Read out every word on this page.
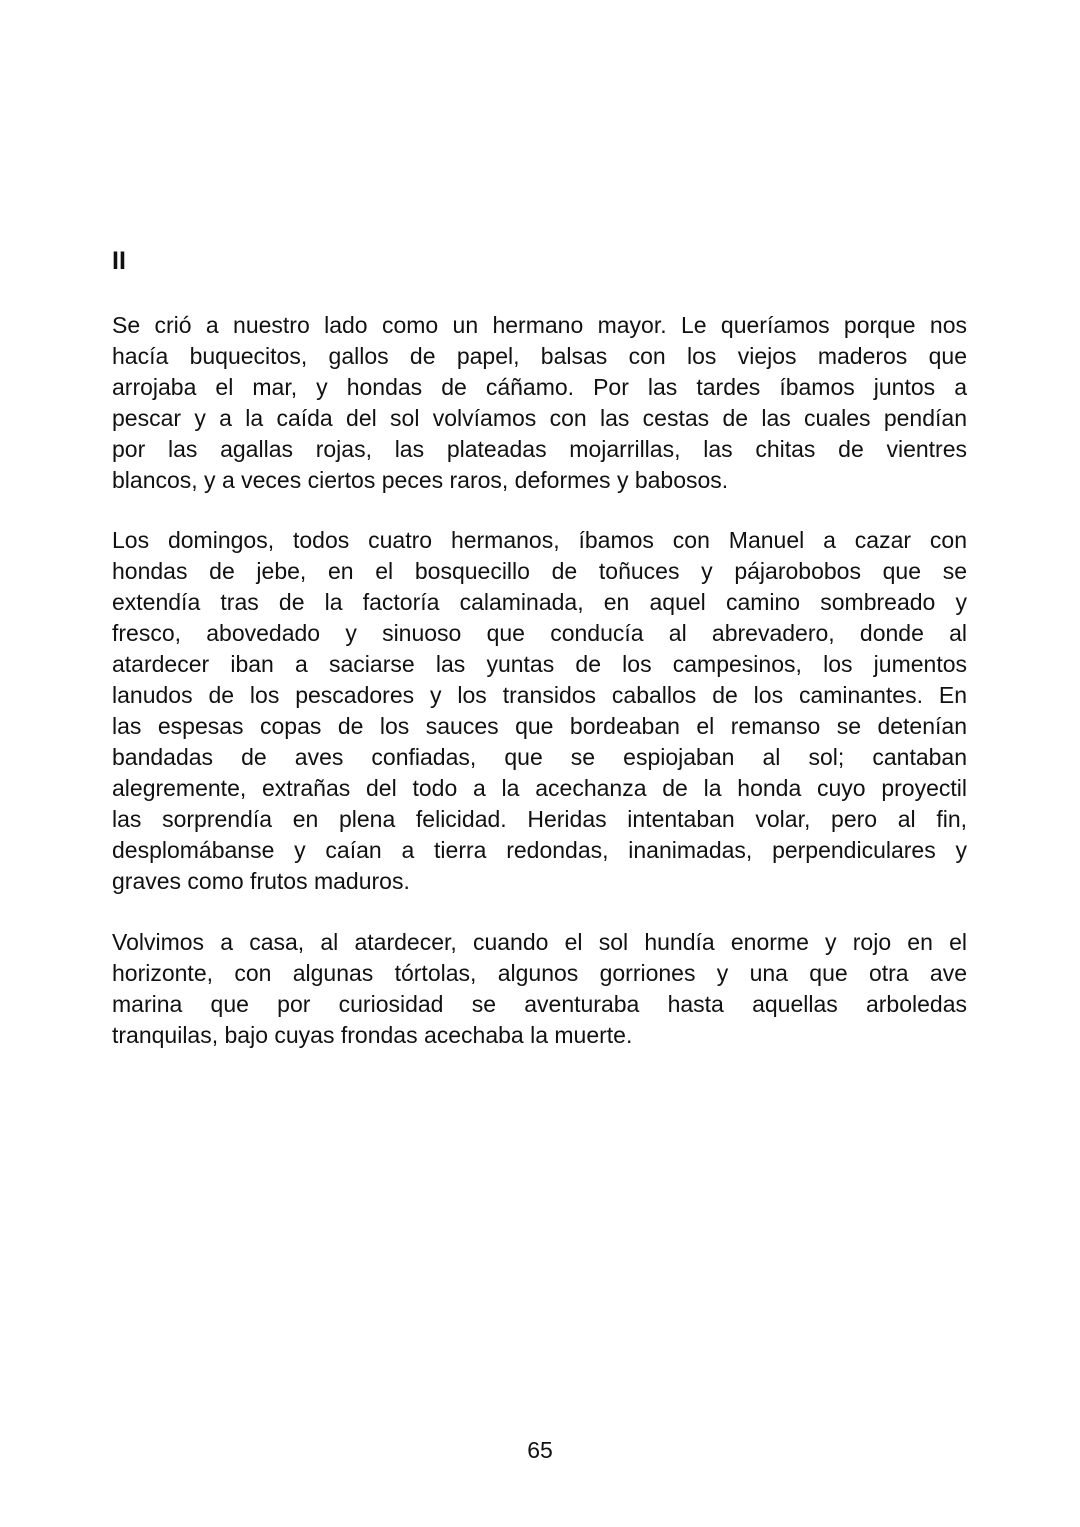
II
Se crió a nuestro lado como un hermano mayor. Le queríamos porque nos
hacía buquecitos, gallos de papel, balsas con los viejos maderos que
arrojaba el mar, y hondas de cáñamo. Por las tardes íbamos juntos a
pescar y a la caída del sol volvíamos con las cestas de las cuales pendían
por las agallas rojas, las plateadas mojarrillas, las chitas de vientres
blancos, y a veces ciertos peces raros, deformes y babosos.
Los domingos, todos cuatro hermanos, íbamos con Manuel a cazar con
hondas de jebe, en el bosquecillo de toñuces y pájarobobos que se
extendía tras de la factoría calaminada, en aquel camino sombreado y
fresco, abovedado y sinuoso que conducía al abrevadero, donde al
atardecer iban a saciarse las yuntas de los campesinos, los jumentos
lanudos de los pescadores y los transidos caballos de los caminantes. En
las espesas copas de los sauces que bordeaban el remanso se detenían
bandadas de aves confiadas, que se espiojaban al sol; cantaban
alegremente, extrañas del todo a la acechanza de la honda cuyo proyectil
las sorprendía en plena felicidad. Heridas intentaban volar, pero al fin,
desplomábanse y caían a tierra redondas, inanimadas, perpendiculares y
graves como frutos maduros.
Volvimos a casa, al atardecer, cuando el sol hundía enorme y rojo en el
horizonte, con algunas tórtolas, algunos gorriones y una que otra ave
marina que por curiosidad se aventuraba hasta aquellas arboledas
tranquilas, bajo cuyas frondas acechaba la muerte.
65
